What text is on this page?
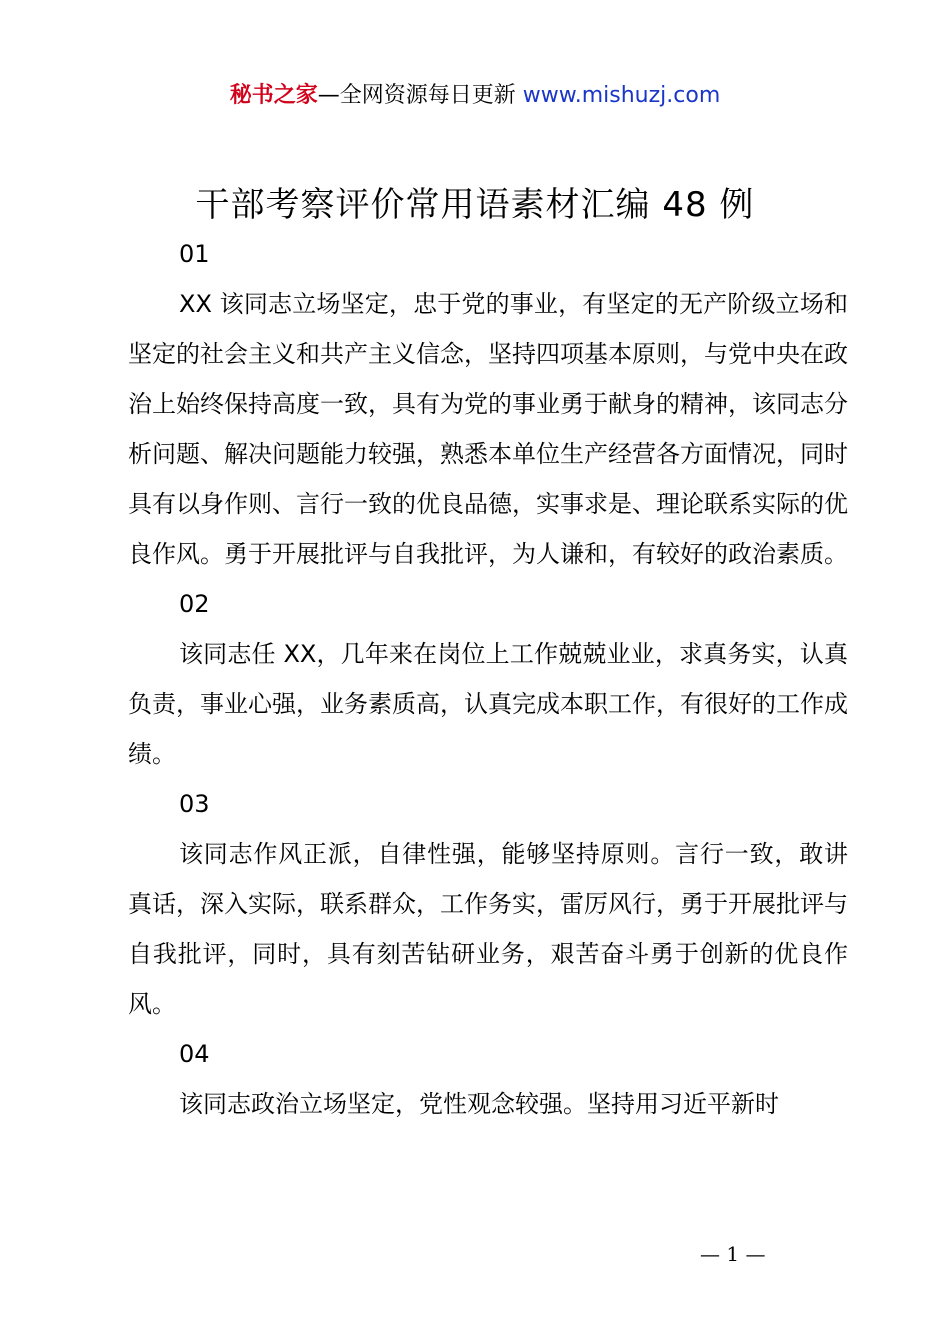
秘书之家—全网资源每日更新 www.mishuzj.com
干部考察评价常用语素材汇编 48 例

01

XX 该同志立场坚定，忠于党的事业，有坚定的无产阶级立场和坚定的社会主义和共产主义信念，坚持四项基本原则，与党中央在政治上始终保持高度一致，具有为党的事业勇于献身的精神，该同志分析问题、解决问题能力较强，熟悉本单位生产经营各方面情况，同时具有以身作则、言行一致的优良品德，实事求是、理论联系实际的优良作风。勇于开展批评与自我批评，为人谦和，有较好的政治素质。

02

该同志任 XX，几年来在岗位上工作兢兢业业，求真务实，认真负责，事业心强，业务素质高，认真完成本职工作，有很好的工作成绩。

03

该同志作风正派，自律性强，能够坚持原则。言行一致，敢讲真话，深入实际，联系群众，工作务实，雷厉风行，勇于开展批评与自我批评，同时，具有刻苦钻研业务，艰苦奋斗勇于创新的优良作风。

04

该同志政治立场坚定，党性观念较强。坚持用习近平新时

— 1 —
